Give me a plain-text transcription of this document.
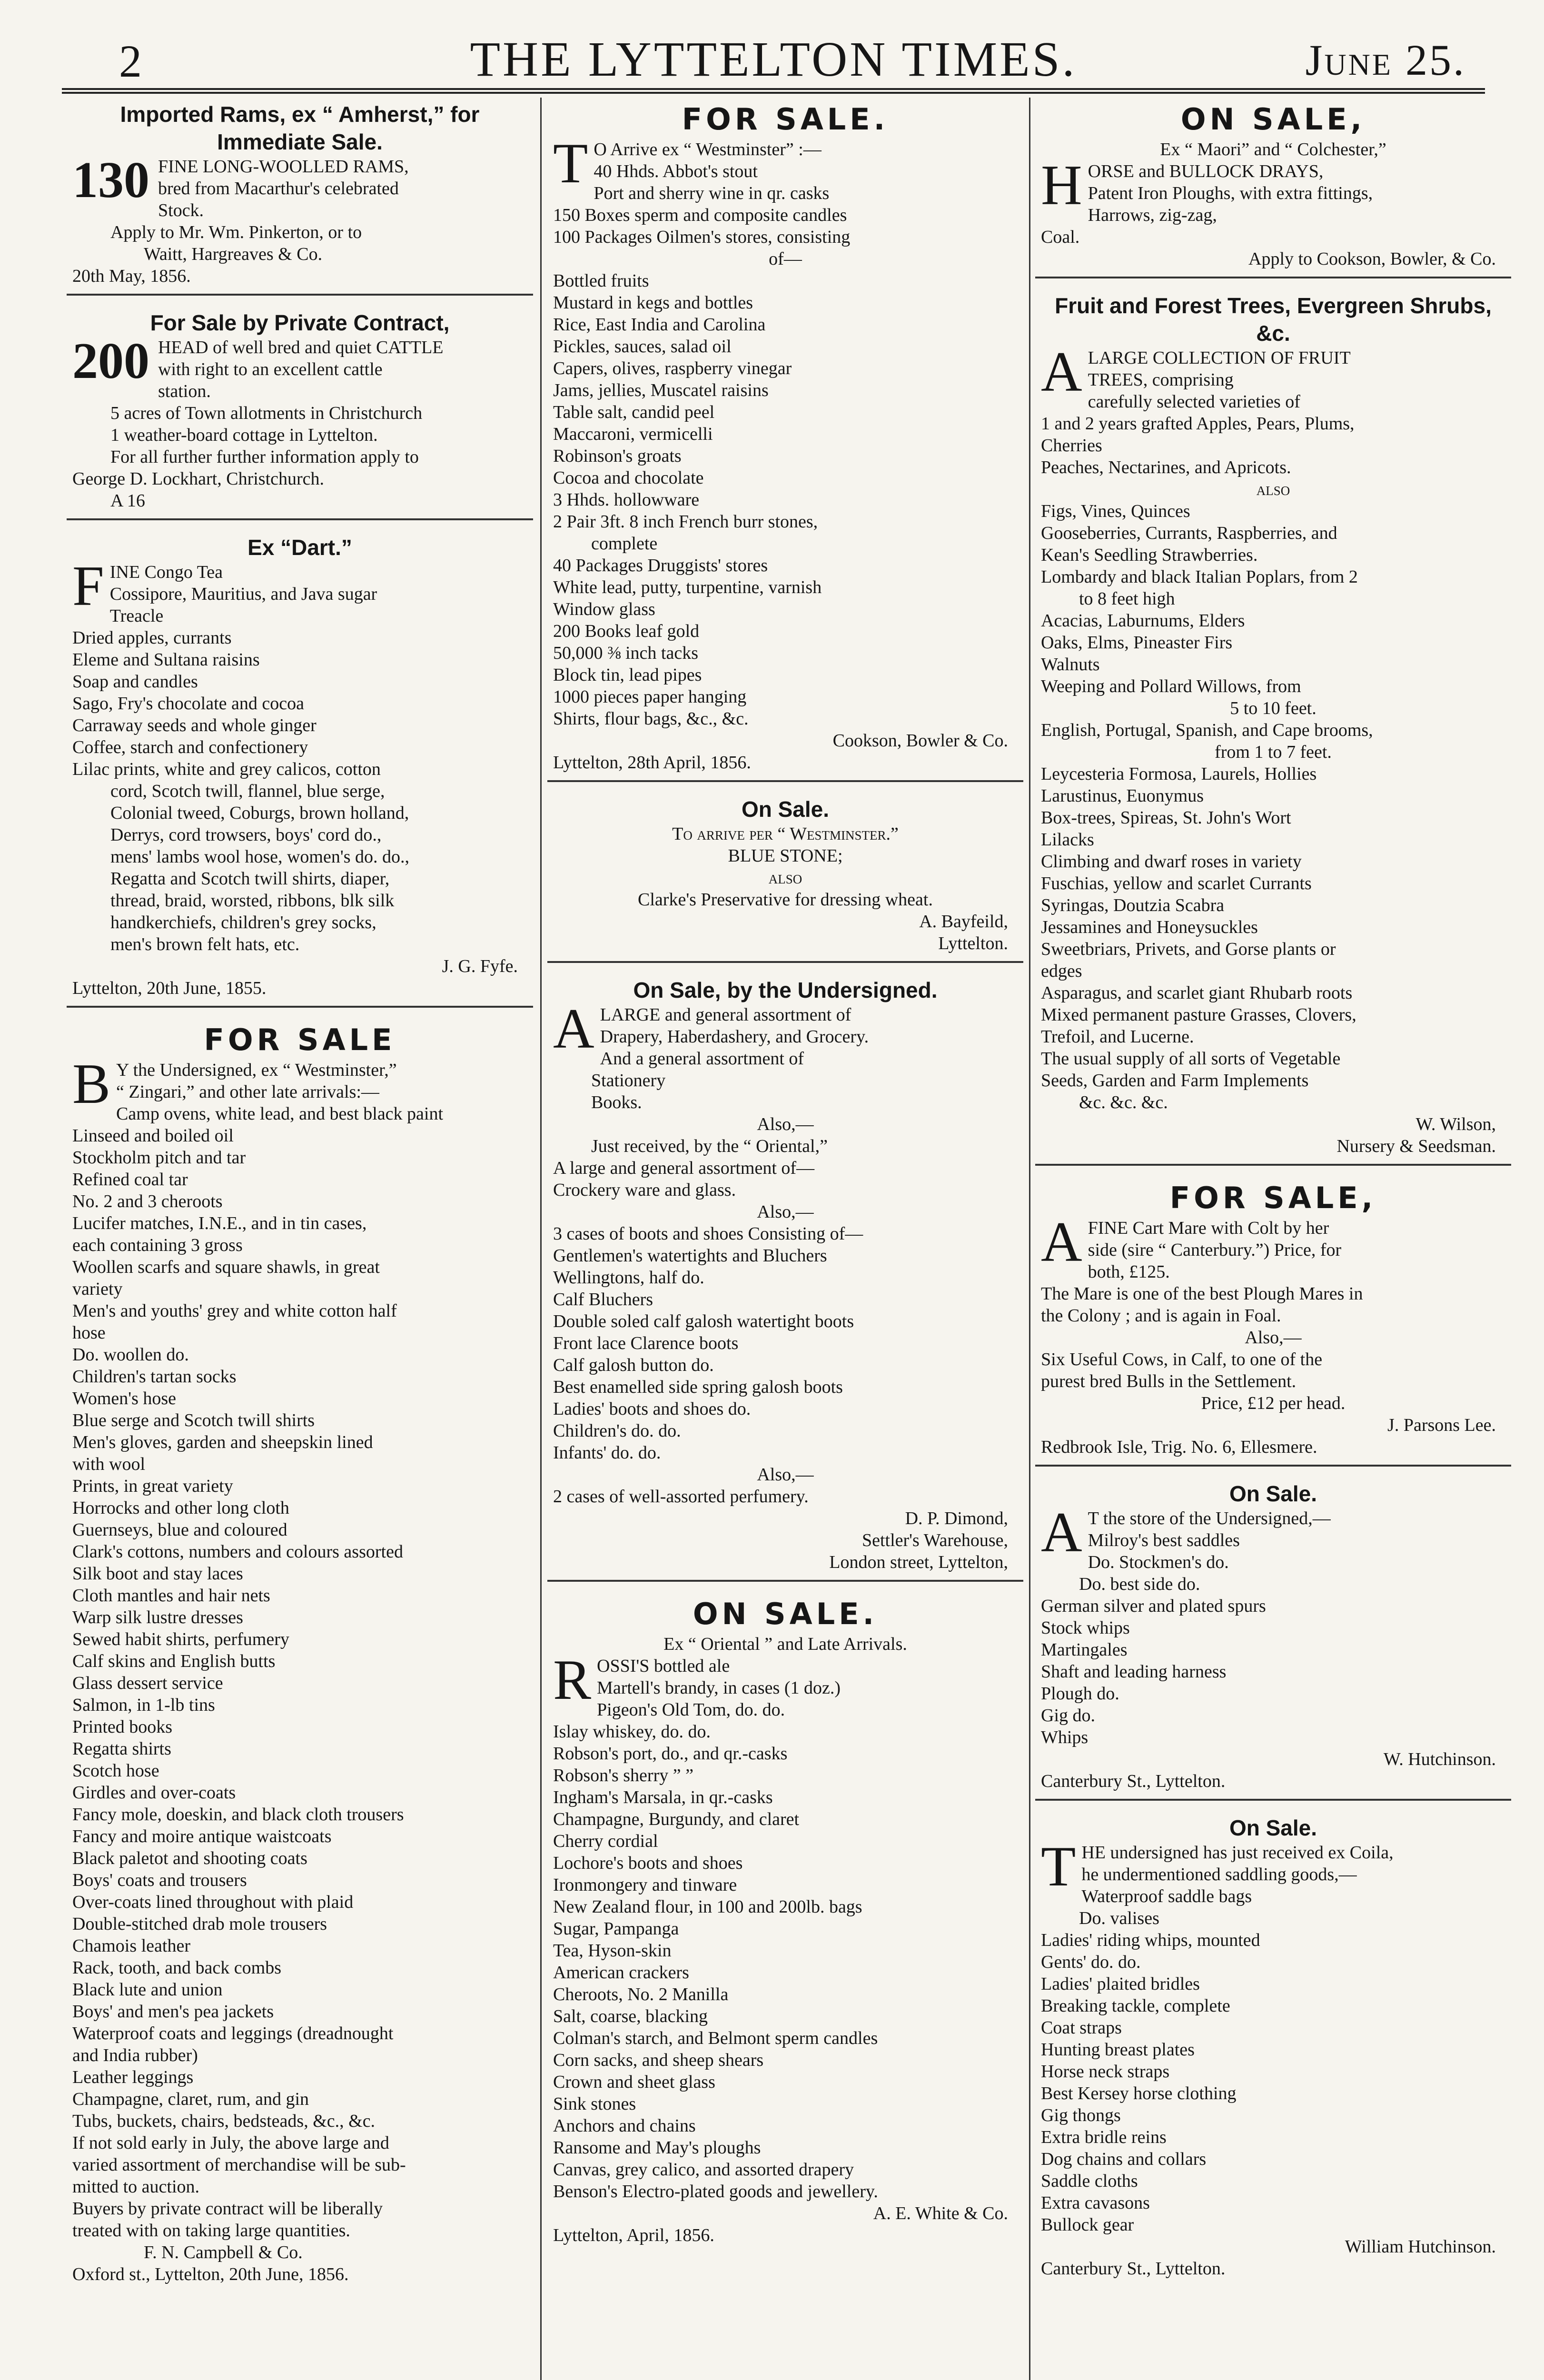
2	THE LYTTELTON TIMES.	June 25.
Imported Rams, ex “ Amherst,” for Immediate Sale.
130 FINE LONG-WOOLLED RAMS,
bred from Macarthur's celebrated
Stock.
Apply to Mr. Wm. Pinkerton, or to
Waitt, Hargreaves & Co.
20th May, 1856.
For Sale by Private Contract,
200 HEAD of well bred and quiet CATTLE
with right to an excellent cattle
station.
5 acres of Town allotments in Christchurch
1 weather-board cottage in Lyttelton.
For all further further information apply to
George D. Lockhart, Christchurch.
A 16
Ex “Dart.”
F INE Congo Tea
Cossipore, Mauritius, and Java sugar
Treacle
Dried apples, currants
Eleme and Sultana raisins
Soap and candles
Sago, Fry's chocolate and cocoa
Carraway seeds and whole ginger
Coffee, starch and confectionery
Lilac prints, white and grey calicos, cotton
cord, Scotch twill, flannel, blue serge,
Colonial tweed, Coburgs, brown holland,
Derrys, cord trowsers, boys' cord do.,
mens' lambs wool hose, women's do. do.,
Regatta and Scotch twill shirts, diaper,
thread, braid, worsted, ribbons, blk silk
handkerchiefs, children's grey socks,
men's brown felt hats, etc.
J. G. Fyfe.
Lyttelton, 20th June, 1855.
FOR SALE
B Y the Undersigned, ex “ Westminster,”
“ Zingari,” and other late arrivals:—
Camp ovens, white lead, and best black paint
Linseed and boiled oil
Stockholm pitch and tar
Refined coal tar
No. 2 and 3 cheroots
Lucifer matches, I.N.E., and in tin cases,
each containing 3 gross
Woollen scarfs and square shawls, in great
variety
Men's and youths' grey and white cotton half
hose
Do. woollen do.
Children's tartan socks
Women's hose
Blue serge and Scotch twill shirts
Men's gloves, garden and sheepskin lined
with wool
Prints, in great variety
Horrocks and other long cloth
Guernseys, blue and coloured
Clark's cottons, numbers and colours assorted
Silk boot and stay laces
Cloth mantles and hair nets
Warp silk lustre dresses
Sewed habit shirts, perfumery
Calf skins and English butts
Glass dessert service
Salmon, in 1-lb tins
Printed books
Regatta shirts
Scotch hose
Girdles and over-coats
Fancy mole, doeskin, and black cloth trousers
Fancy and moire antique waistcoats
Black paletot and shooting coats
Boys' coats and trousers
Over-coats lined throughout with plaid
Double-stitched drab mole trousers
Chamois leather
Rack, tooth, and back combs
Black lute and union
Boys' and men's pea jackets
Waterproof coats and leggings (dreadnought
and India rubber)
Leather leggings
Champagne, claret, rum, and gin
Tubs, buckets, chairs, bedsteads, &c., &c.
If not sold early in July, the above large and
varied assortment of merchandise will be sub-
mitted to auction.
Buyers by private contract will be liberally
treated with on taking large quantities.
F. N. Campbell & Co.
Oxford st., Lyttelton, 20th June, 1856.
FOR SALE.
T O Arrive ex “ Westminster” :—
40 Hhds. Abbot's stout
Port and sherry wine in qr. casks
150 Boxes sperm and composite candles
100 Packages Oilmen's stores, consisting
of—
Bottled fruits
Mustard in kegs and bottles
Rice, East India and Carolina
Pickles, sauces, salad oil
Capers, olives, raspberry vinegar
Jams, jellies, Muscatel raisins
Table salt, candid peel
Maccaroni, vermicelli
Robinson's groats
Cocoa and chocolate
3 Hhds. hollowware
2 Pair 3ft. 8 inch French burr stones,
complete
40 Packages Druggists' stores
White lead, putty, turpentine, varnish
Window glass
200 Books leaf gold
50,000 ⅜ inch tacks
Block tin, lead pipes
1000 pieces paper hanging
Shirts, flour bags, &c., &c.
Cookson, Bowler & Co.
Lyttelton, 28th April, 1856.
On Sale.
To arrive per “ Westminster.”
BLUE STONE;
also
Clarke's Preservative for dressing wheat.
A. Bayfeild,
Lyttelton.
On Sale, by the Undersigned.
A LARGE and general assortment of
Drapery, Haberdashery, and Grocery.
And a general assortment of
Stationery
Books.
Also,—
Just received, by the “ Oriental,”
A large and general assortment of—
Crockery ware and glass.
Also,—
3 cases of boots and shoes Consisting of—
Gentlemen's watertights and Bluchers
Wellingtons, half do.
Calf Bluchers
Double soled calf galosh watertight boots
Front lace Clarence boots
Calf galosh button do.
Best enamelled side spring galosh boots
Ladies' boots and shoes do.
Children's do. do.
Infants' do. do.
Also,—
2 cases of well-assorted perfumery.
D. P. Dimond,
Settler's Warehouse,
London street, Lyttelton,
ON SALE.
Ex “ Oriental ” and Late Arrivals.
R OSSI'S bottled ale
Martell's brandy, in cases (1 doz.)
Pigeon's Old Tom, do. do.
Islay whiskey, do. do.
Robson's port, do., and qr.-casks
Robson's sherry ” ”
Ingham's Marsala, in qr.-casks
Champagne, Burgundy, and claret
Cherry cordial
Lochore's boots and shoes
Ironmongery and tinware
New Zealand flour, in 100 and 200lb. bags
Sugar, Pampanga
Tea, Hyson-skin
American crackers
Cheroots, No. 2 Manilla
Salt, coarse, blacking
Colman's starch, and Belmont sperm candles
Corn sacks, and sheep shears
Crown and sheet glass
Sink stones
Anchors and chains
Ransome and May's ploughs
Canvas, grey calico, and assorted drapery
Benson's Electro-plated goods and jewellery.
A. E. White & Co.
Lyttelton, April, 1856.
ON SALE,
Ex “ Maori” and “ Colchester,”
H ORSE and BULLOCK DRAYS,
Patent Iron Ploughs, with extra fittings,
Harrows, zig-zag,
Coal.
Apply to Cookson, Bowler, & Co.
Fruit and Forest Trees, Evergreen Shrubs, &c.
A LARGE COLLECTION OF FRUIT
TREES, comprising
carefully selected varieties of
1 and 2 years grafted Apples, Pears, Plums,
Cherries
Peaches, Nectarines, and Apricots.
also
Figs, Vines, Quinces
Gooseberries, Currants, Raspberries, and
Kean's Seedling Strawberries.
Lombardy and black Italian Poplars, from 2
to 8 feet high
Acacias, Laburnums, Elders
Oaks, Elms, Pineaster Firs
Walnuts
Weeping and Pollard Willows, from
5 to 10 feet.
English, Portugal, Spanish, and Cape brooms,
from 1 to 7 feet.
Leycesteria Formosa, Laurels, Hollies
Larustinus, Euonymus
Box-trees, Spireas, St. John's Wort
Lilacks
Climbing and dwarf roses in variety
Fuschias, yellow and scarlet Currants
Syringas, Doutzia Scabra
Jessamines and Honeysuckles
Sweetbriars, Privets, and Gorse plants or
edges
Asparagus, and scarlet giant Rhubarb roots
Mixed permanent pasture Grasses, Clovers,
Trefoil, and Lucerne.
The usual supply of all sorts of Vegetable
Seeds, Garden and Farm Implements
&c. &c. &c.
W. Wilson,
Nursery & Seedsman.
FOR SALE,
A FINE Cart Mare with Colt by her
side (sire “ Canterbury.”) Price, for
both, £125.
The Mare is one of the best Plough Mares in
the Colony ; and is again in Foal.
Also,—
Six Useful Cows, in Calf, to one of the
purest bred Bulls in the Settlement.
Price, £12 per head.
J. Parsons Lee.
Redbrook Isle, Trig. No. 6, Ellesmere.
On Sale.
A T the store of the Undersigned,—
Milroy's best saddles
Do. Stockmen's do.
Do. best side do.
German silver and plated spurs
Stock whips
Martingales
Shaft and leading harness
Plough do.
Gig do.
Whips
W. Hutchinson.
Canterbury St., Lyttelton.
On Sale.
T HE undersigned has just received ex Coila,
he undermentioned saddling goods,—
Waterproof saddle bags
Do. valises
Ladies' riding whips, mounted
Gents' do. do.
Ladies' plaited bridles
Breaking tackle, complete
Coat straps
Hunting breast plates
Horse neck straps
Best Kersey horse clothing
Gig thongs
Extra bridle reins
Dog chains and collars
Saddle cloths
Extra cavasons
Bullock gear
William Hutchinson.
Canterbury St., Lyttelton.
